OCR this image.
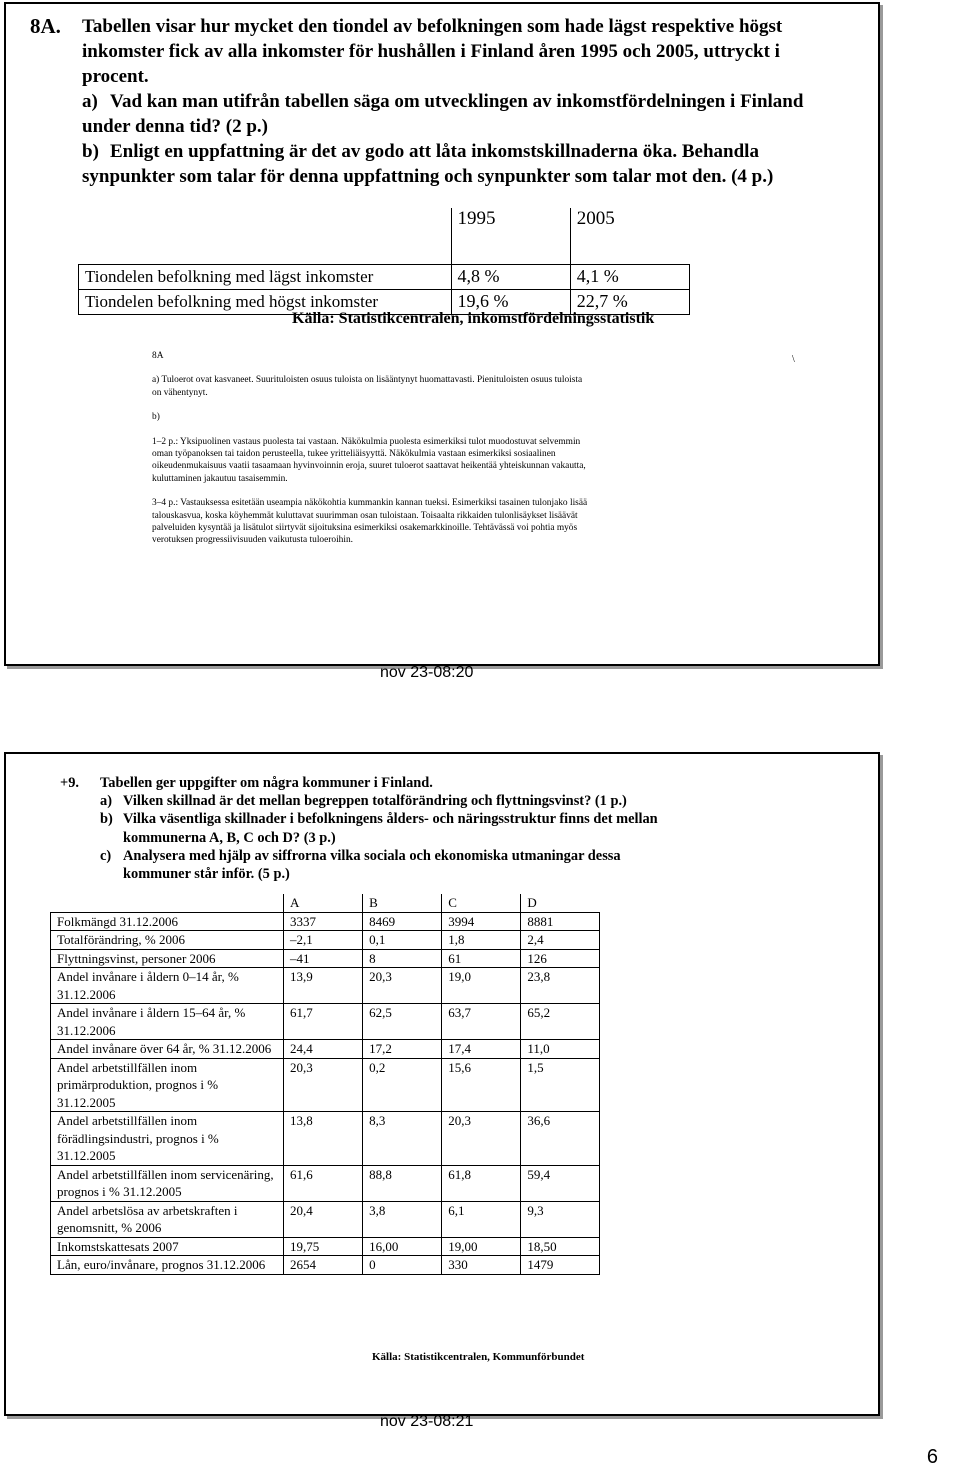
8A.	Tabellen visar hur mycket den tiondel av befolkningen som hade lägst respektive högst
inkomster fick av alla inkomster för hushållen i Finland åren 1995 och 2005, uttryckt i
procent.
a) Vad kan man utifrån tabellen säga om utvecklingen av inkomstfördelningen i Finland
under denna tid? (2 p.)
b) Enligt en uppfattning är det av godo att låta inkomstskillnaderna öka. Behandla
synpunkter som talar för denna uppfattning och synpunkter som talar mot den. (4 p.)
	1995	2005
Tiondelen befolkning med lägst inkomster	4,8 %	4,1 %
Tiondelen befolkning med högst inkomster	19,6 %	22,7 %
Källa: Statistikcentralen, inkomstfördelningsstatistik

8A

a) Tuloerot ovat kasvaneet. Suurituloisten osuus tuloista on lisääntynyt huomattavasti. Pienituloisten osuus tuloista on vähentynyt.

b)

1–2 p.: Yksipuolinen vastaus puolesta tai vastaan. Näkökulmia puolesta esimerkiksi tulot muodostuvat selvemmin oman työpanoksen tai taidon perusteella, tukee yritteliäisyyttä. Näkökulmia vastaan esimerkiksi sosiaalinen oikeudenmukaisuus vaatii tasaamaan hyvinvoinnin eroja, suuret tuloerot saattavat heikentää yhteiskunnan vakautta, kuluttaminen jakautuu tasaisemmin.

3–4 p.: Vastauksessa esitetään useampia näkökohtia kummankin kannan tueksi. Esimerkiksi tasainen tulonjako lisää talouskasvua, koska köyhemmät kuluttavat suurimman osan tuloistaan. Toisaalta rikkaiden tulonlisäykset lisäävät palveluiden kysyntää ja lisätulot siirtyvät sijoituksina esimerkiksi osakemarkkinoille. Tehtävässä voi pohtia myös verotuksen progressiivisuuden vaikutusta tuloeroihin.

\
nov 23-08:20
+9.	Tabellen ger uppgifter om några kommuner i Finland.
a) Vilken skillnad är det mellan begreppen totalförändring och flyttningsvinst? (1 p.)
b) Vilka väsentliga skillnader i befolkningens ålders- och näringsstruktur finns det mellan
kommunerna A, B, C och D? (3 p.)
c) Analysera med hjälp av siffrorna vilka sociala och ekonomiska utmaningar dessa
kommuner står inför. (5 p.)
	A	B	C	D
Folkmängd 31.12.2006	3337	8469	3994	8881
Totalförändring, % 2006	–2,1	0,1	1,8	2,4
Flyttningsvinst, personer 2006	–41	8	61	126
Andel invånare i åldern 0–14 år, % 31.12.2006	13,9	20,3	19,0	23,8
Andel invånare i åldern 15–64 år, % 31.12.2006	61,7	62,5	63,7	65,2
Andel invånare över 64 år, % 31.12.2006	24,4	17,2	17,4	11,0
Andel arbetstillfällen inom primärproduktion, prognos i % 31.12.2005	20,3	0,2	15,6	1,5
Andel arbetstillfällen inom förädlingsindustri, prognos i % 31.12.2005	13,8	8,3	20,3	36,6
Andel arbetstillfällen inom servicenäring, prognos i % 31.12.2005	61,6	88,8	61,8	59,4
Andel arbetslösa av arbetskraften i genomsnitt, % 2006	20,4	3,8	6,1	9,3
Inkomstskattesats 2007	19,75	16,00	19,00	18,50
Lån, euro/invånare, prognos 31.12.2006	2654	0	330	1479
Källa: Statistikcentralen, Kommunförbundet
nov 23-08:21
6
